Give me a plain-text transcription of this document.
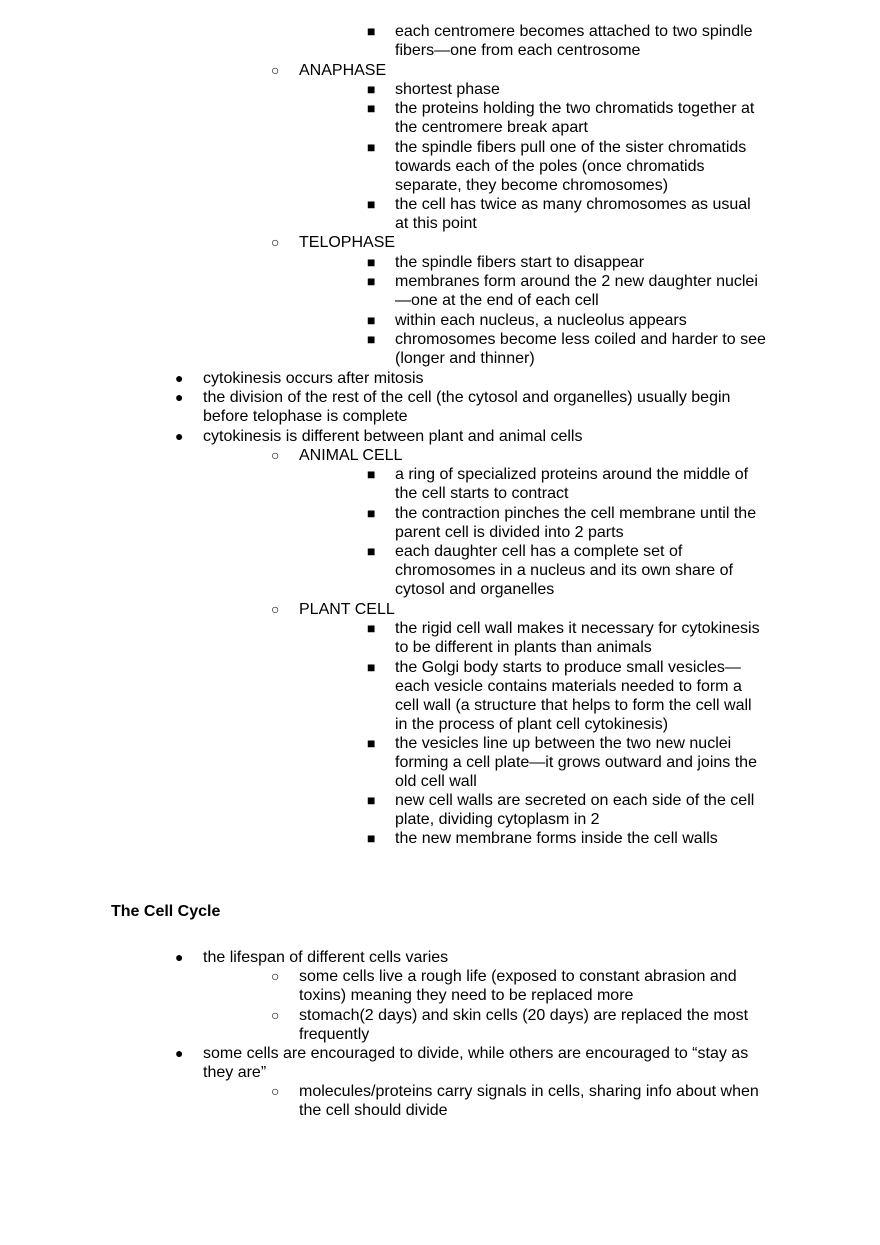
■ each centromere becomes attached to two spindle
fibers—one from each centrosome
○ ANAPHASE
■ shortest phase
■ the proteins holding the two chromatids together at
the centromere break apart
■ the spindle fibers pull one of the sister chromatids
towards each of the poles (once chromatids
separate, they become chromosomes)
■ the cell has twice as many chromosomes as usual
at this point
○ TELOPHASE
■ the spindle fibers start to disappear
■ membranes form around the 2 new daughter nuclei
—one at the end of each cell
■ within each nucleus, a nucleolus appears
■ chromosomes become less coiled and harder to see
(longer and thinner)
● cytokinesis occurs after mitosis
● the division of the rest of the cell (the cytosol and organelles) usually begin
before telophase is complete
● cytokinesis is different between plant and animal cells
○ ANIMAL CELL
■ a ring of specialized proteins around the middle of
the cell starts to contract
■ the contraction pinches the cell membrane until the
parent cell is divided into 2 parts
■ each daughter cell has a complete set of
chromosomes in a nucleus and its own share of
cytosol and organelles
○ PLANT CELL
■ the rigid cell wall makes it necessary for cytokinesis
to be different in plants than animals
■ the Golgi body starts to produce small vesicles—
each vesicle contains materials needed to form a
cell wall (a structure that helps to form the cell wall
in the process of plant cell cytokinesis)
■ the vesicles line up between the two new nuclei
forming a cell plate—it grows outward and joins the
old cell wall
■ new cell walls are secreted on each side of the cell
plate, dividing cytoplasm in 2
■ the new membrane forms inside the cell walls
The Cell Cycle
● the lifespan of different cells varies
○ some cells live a rough life (exposed to constant abrasion and
toxins) meaning they need to be replaced more
○ stomach(2 days) and skin cells (20 days) are replaced the most
frequently
● some cells are encouraged to divide, while others are encouraged to “stay as
they are”
○ molecules/proteins carry signals in cells, sharing info about when
the cell should divide
